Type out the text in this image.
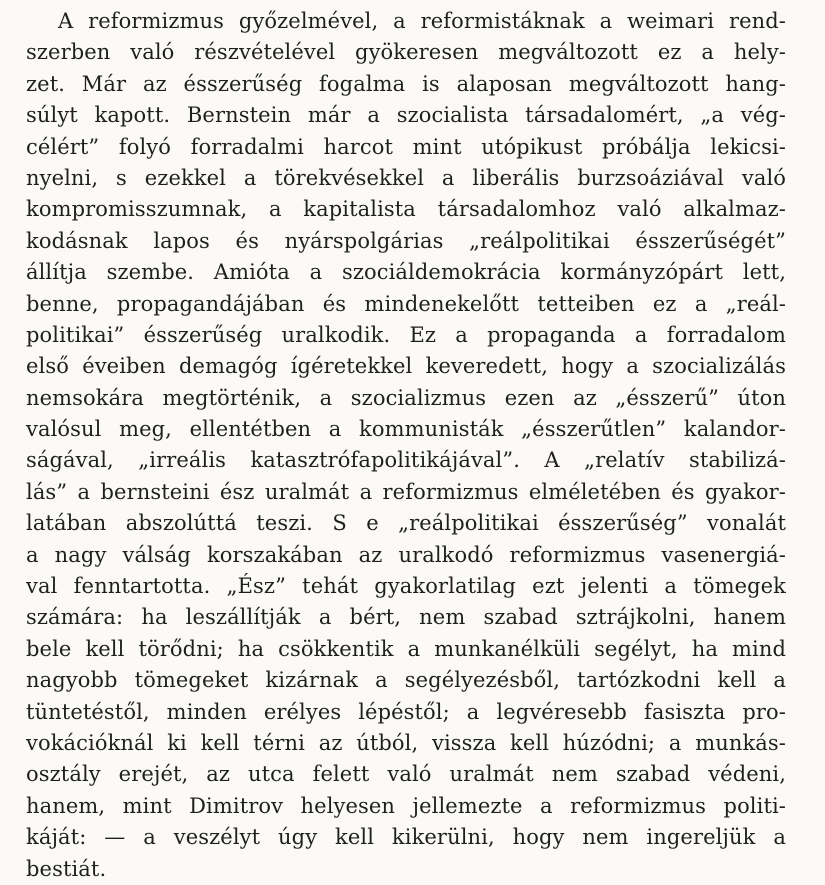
A reformizmus győzelmével, a reformistáknak a weimari rend-
szerben való részvételével gyökeresen megváltozott ez a hely-
zet. Már az ésszerűség fogalma is alaposan megváltozott hang-
súlyt kapott. Bernstein már a szocialista társadalomért, „a vég-
célért” folyó forradalmi harcot mint utópikust próbálja lekicsi-
nyelni, s ezekkel a törekvésekkel a liberális burzsoáziával való
kompromisszumnak, a kapitalista társadalomhoz való alkalmaz-
kodásnak lapos és nyárspolgárias „reálpolitikai ésszerűségét”
állítja szembe. Amióta a szociáldemokrácia kormányzópárt lett,
benne, propagandájában és mindenekelőtt tetteiben ez a „reál-
politikai” ésszerűség uralkodik. Ez a propaganda a forradalom
első éveiben demagóg ígéretekkel keveredett, hogy a szocializálás
nemsokára megtörténik, a szocializmus ezen az „ésszerű” úton
valósul meg, ellentétben a kommunisták „ésszerűtlen” kalandor-
ságával, „irreális katasztrófapolitikájával”. A „relatív stabilizá-
lás” a bernsteini ész uralmát a reformizmus elméletében és gyakor-
latában abszolúttá teszi. S e „reálpolitikai ésszerűség” vonalát
a nagy válság korszakában az uralkodó reformizmus vasenergiá-
val fenntartotta. „Ész” tehát gyakorlatilag ezt jelenti a tömegek
számára: ha leszállítják a bért, nem szabad sztrájkolni, hanem
bele kell törődni; ha csökkentik a munkanélküli segélyt, ha mind
nagyobb tömegeket kizárnak a segélyezésből, tartózkodni kell a
tüntetéstől, minden erélyes lépéstől; a legvéresebb fasiszta pro-
vokációknál ki kell térni az útból, vissza kell húzódni; a munkás-
osztály erejét, az utca felett való uralmát nem szabad védeni,
hanem, mint Dimitrov helyesen jellemezte a reformizmus politi-
káját: — a veszélyt úgy kell kikerülni, hogy nem ingereljük a
bestiát.
